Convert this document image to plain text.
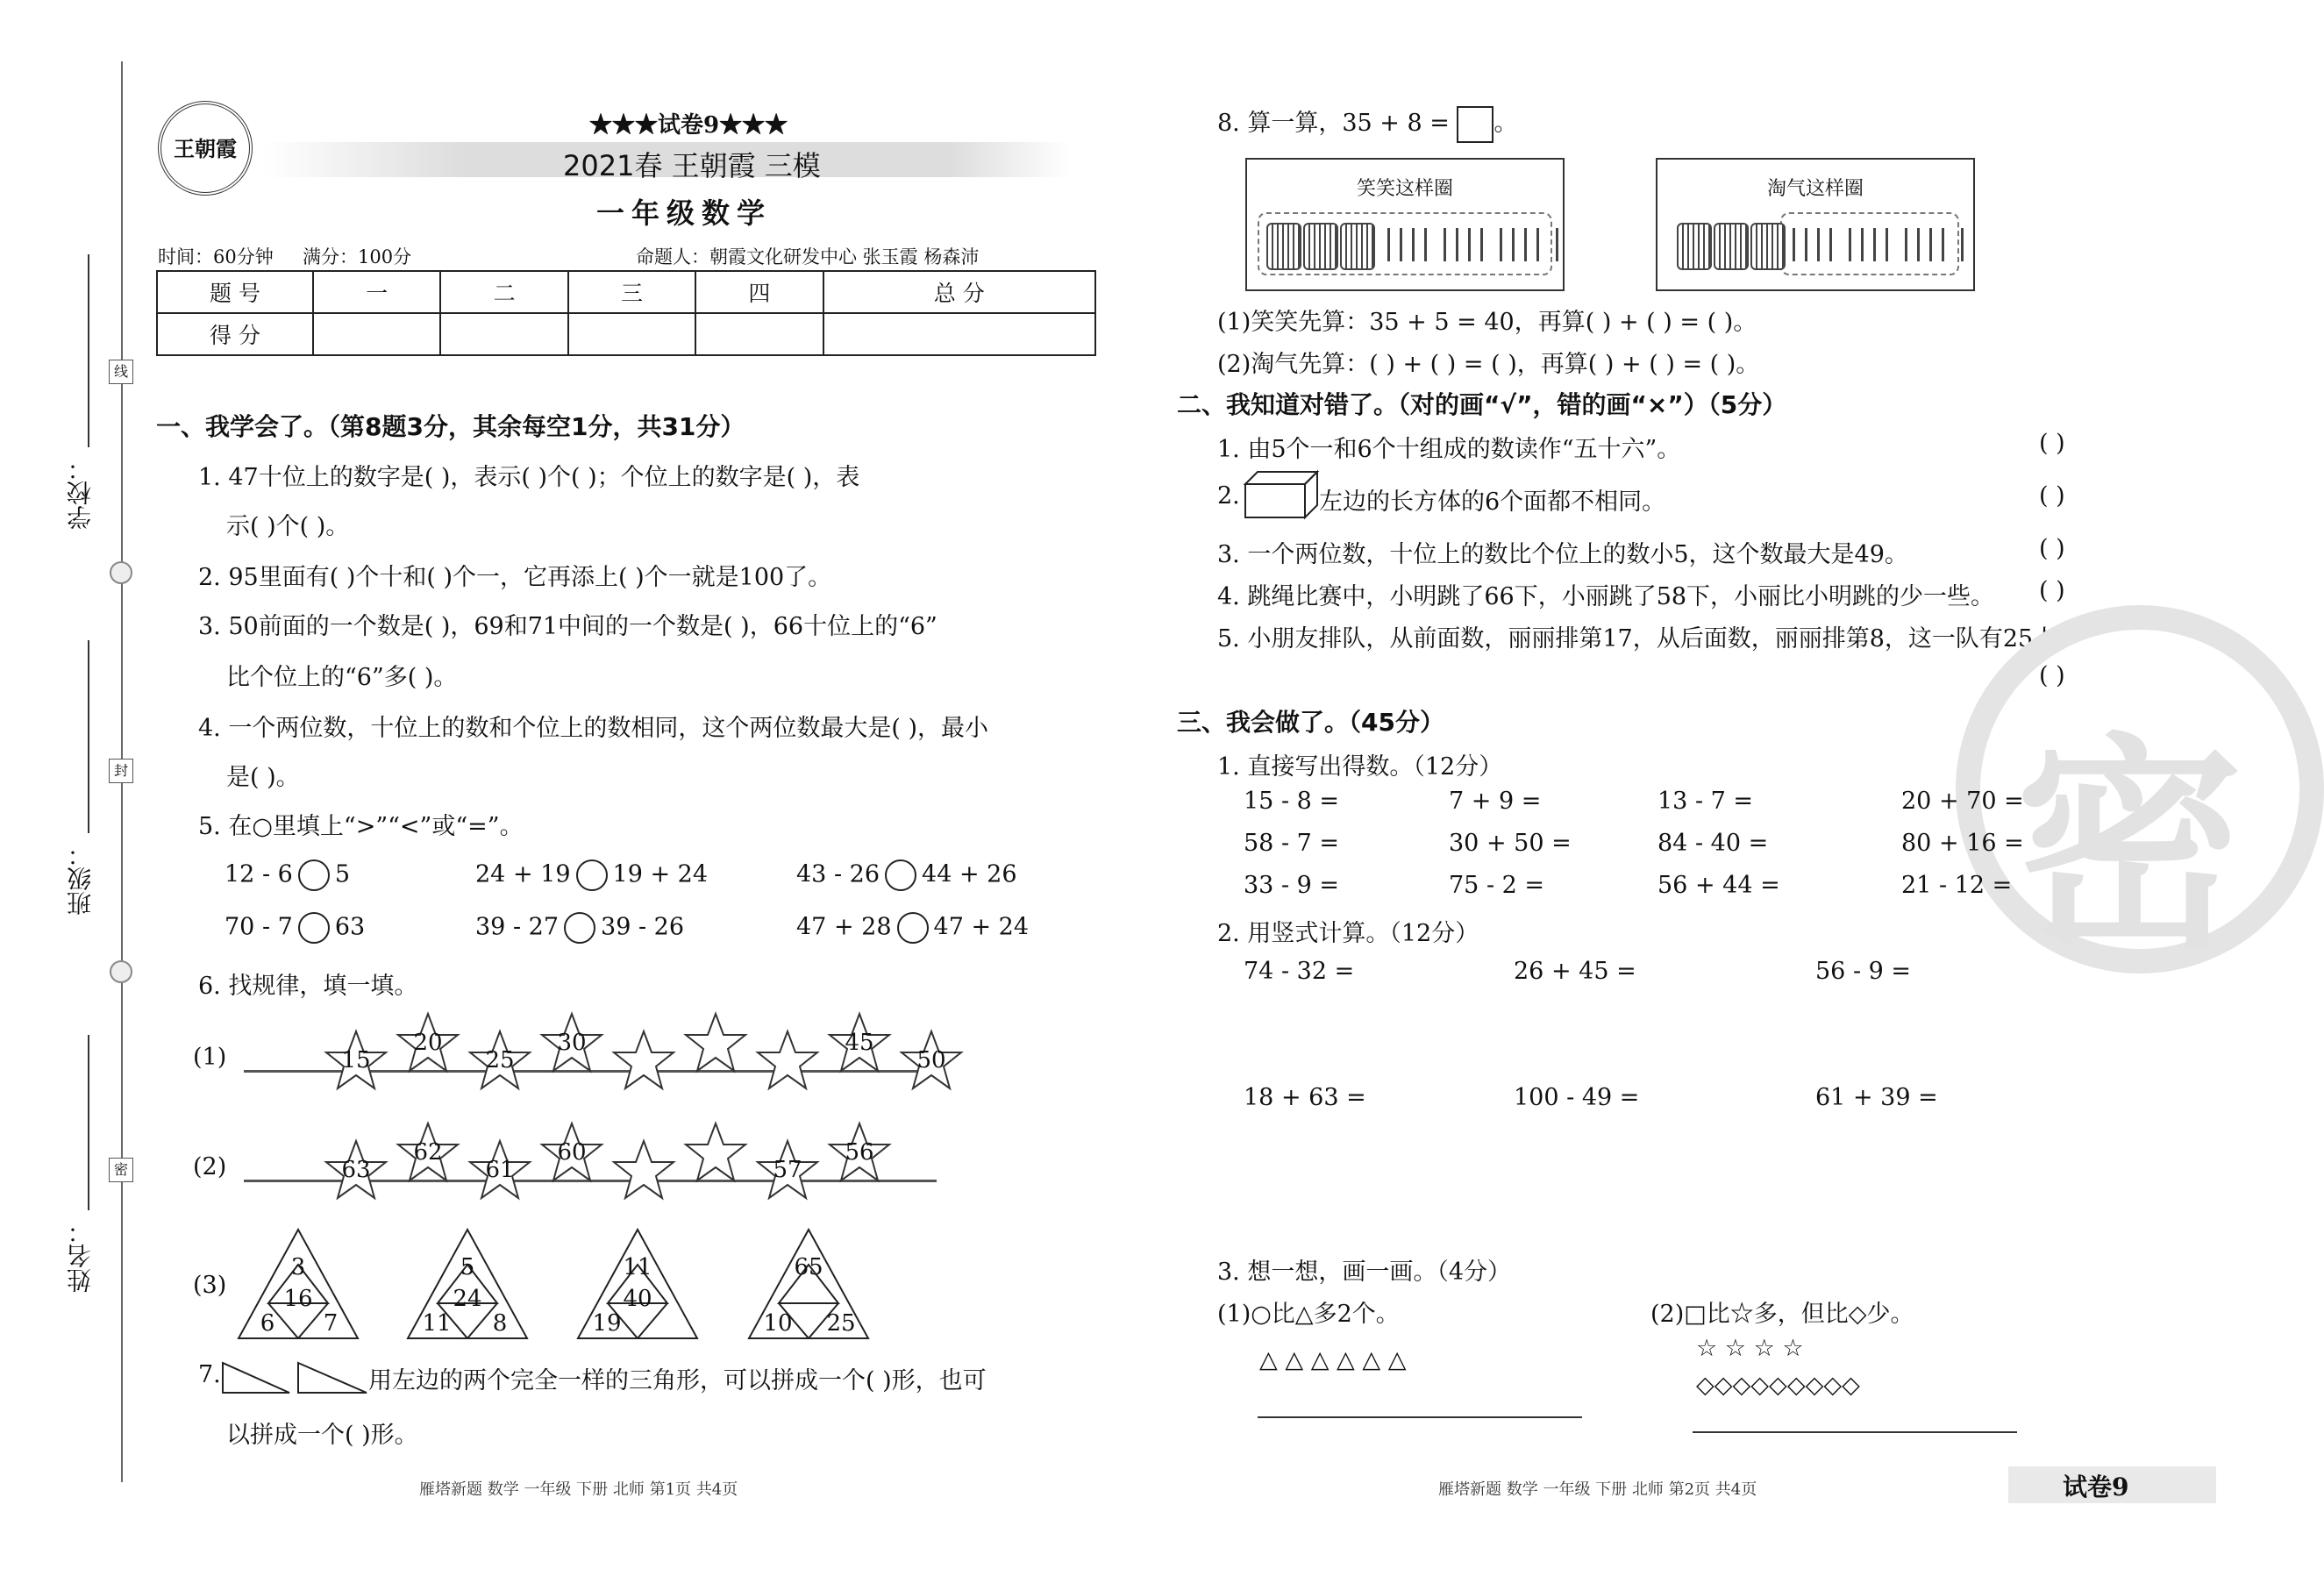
学校：
班级：
姓名：
线
封
密
王朝霞
★★★试卷9★★★
2021春 王朝霞 三模
一年级数学
时间：60分钟 满分：100分	命题人：朝霞文化研发中心 张玉霞 杨森沛
题 号	一	二	三	四	总 分
得 分					
一、我学会了。（第8题3分，其余每空1分，共31分）
1. 47十位上的数字是( )，表示( )个( )；个位上的数字是( )，表
示( )个( )。
2. 95里面有( )个十和( )个一，它再添上( )个一就是100了。
3. 50前面的一个数是( )，69和71中间的一个数是( )，66十位上的“6”
比个位上的“6”多( )。
4. 一个两位数，十位上的数和个位上的数相同，这个两位数最大是( )，最小
是( )。
5. 在○里填上“>”“<”或“=”。
12 - 6 5	24 + 19 19 + 24	43 - 26 44 + 26
70 - 7 63	39 - 27 39 - 26	47 + 28 47 + 24
6. 找规律，填一填。
(1)
(2)
(3)
15
20
25
30	45
50
63
62
61
60
57
56
3
16
6	7
5
24
11	8
11
40
19
65
10	25
7.	用左边的两个完全一样的三角形，可以拼成一个( )形，也可
以拼成一个( )形。
8. 算一算，35 + 8 = 。
笑笑这样圈	淘气这样圈
(1)笑笑先算：35 + 5 = 40，再算( ) + ( ) = ( )。
(2)淘气先算：( ) + ( ) = ( )，再算( ) + ( ) = ( )。
二、我知道对错了。（对的画“√”，错的画“×”）（5分）
1. 由5个一和6个十组成的数读作“五十六”。
2.	左边的长方体的6个面都不相同。
3. 一个两位数，十位上的数比个位上的数小5，这个数最大是49。
4. 跳绳比赛中，小明跳了66下，小丽跳了58下，小丽比小明跳的少一些。
5. 小朋友排队，从前面数，丽丽排第17，从后面数，丽丽排第8，这一队有25人。
( )
( )
( )
( )
( )
密
三、我会做了。（45分）
1. 直接写出得数。（12分）
15 - 8 =	7 + 9 =	13 - 7 =	20 + 70 =
58 - 7 =	30 + 50 =	84 - 40 =	80 + 16 =
33 - 9 =	75 - 2 =	56 + 44 =	21 - 12 =
2. 用竖式计算。（12分）
74 - 32 =	26 + 45 =	56 - 9 =
18 + 63 =	100 - 49 =	61 + 39 =
3. 想一想，画一画。（4分）
(1)○比△多2个。
△ △ △ △ △ △
(2)□比☆多，但比◇少。
☆ ☆ ☆ ☆
◇◇◇◇◇◇◇◇◇
雁塔新题 数学 一年级 下册 北师 第1页 共4页	雁塔新题 数学 一年级 下册 北师 第2页 共4页	试卷9
